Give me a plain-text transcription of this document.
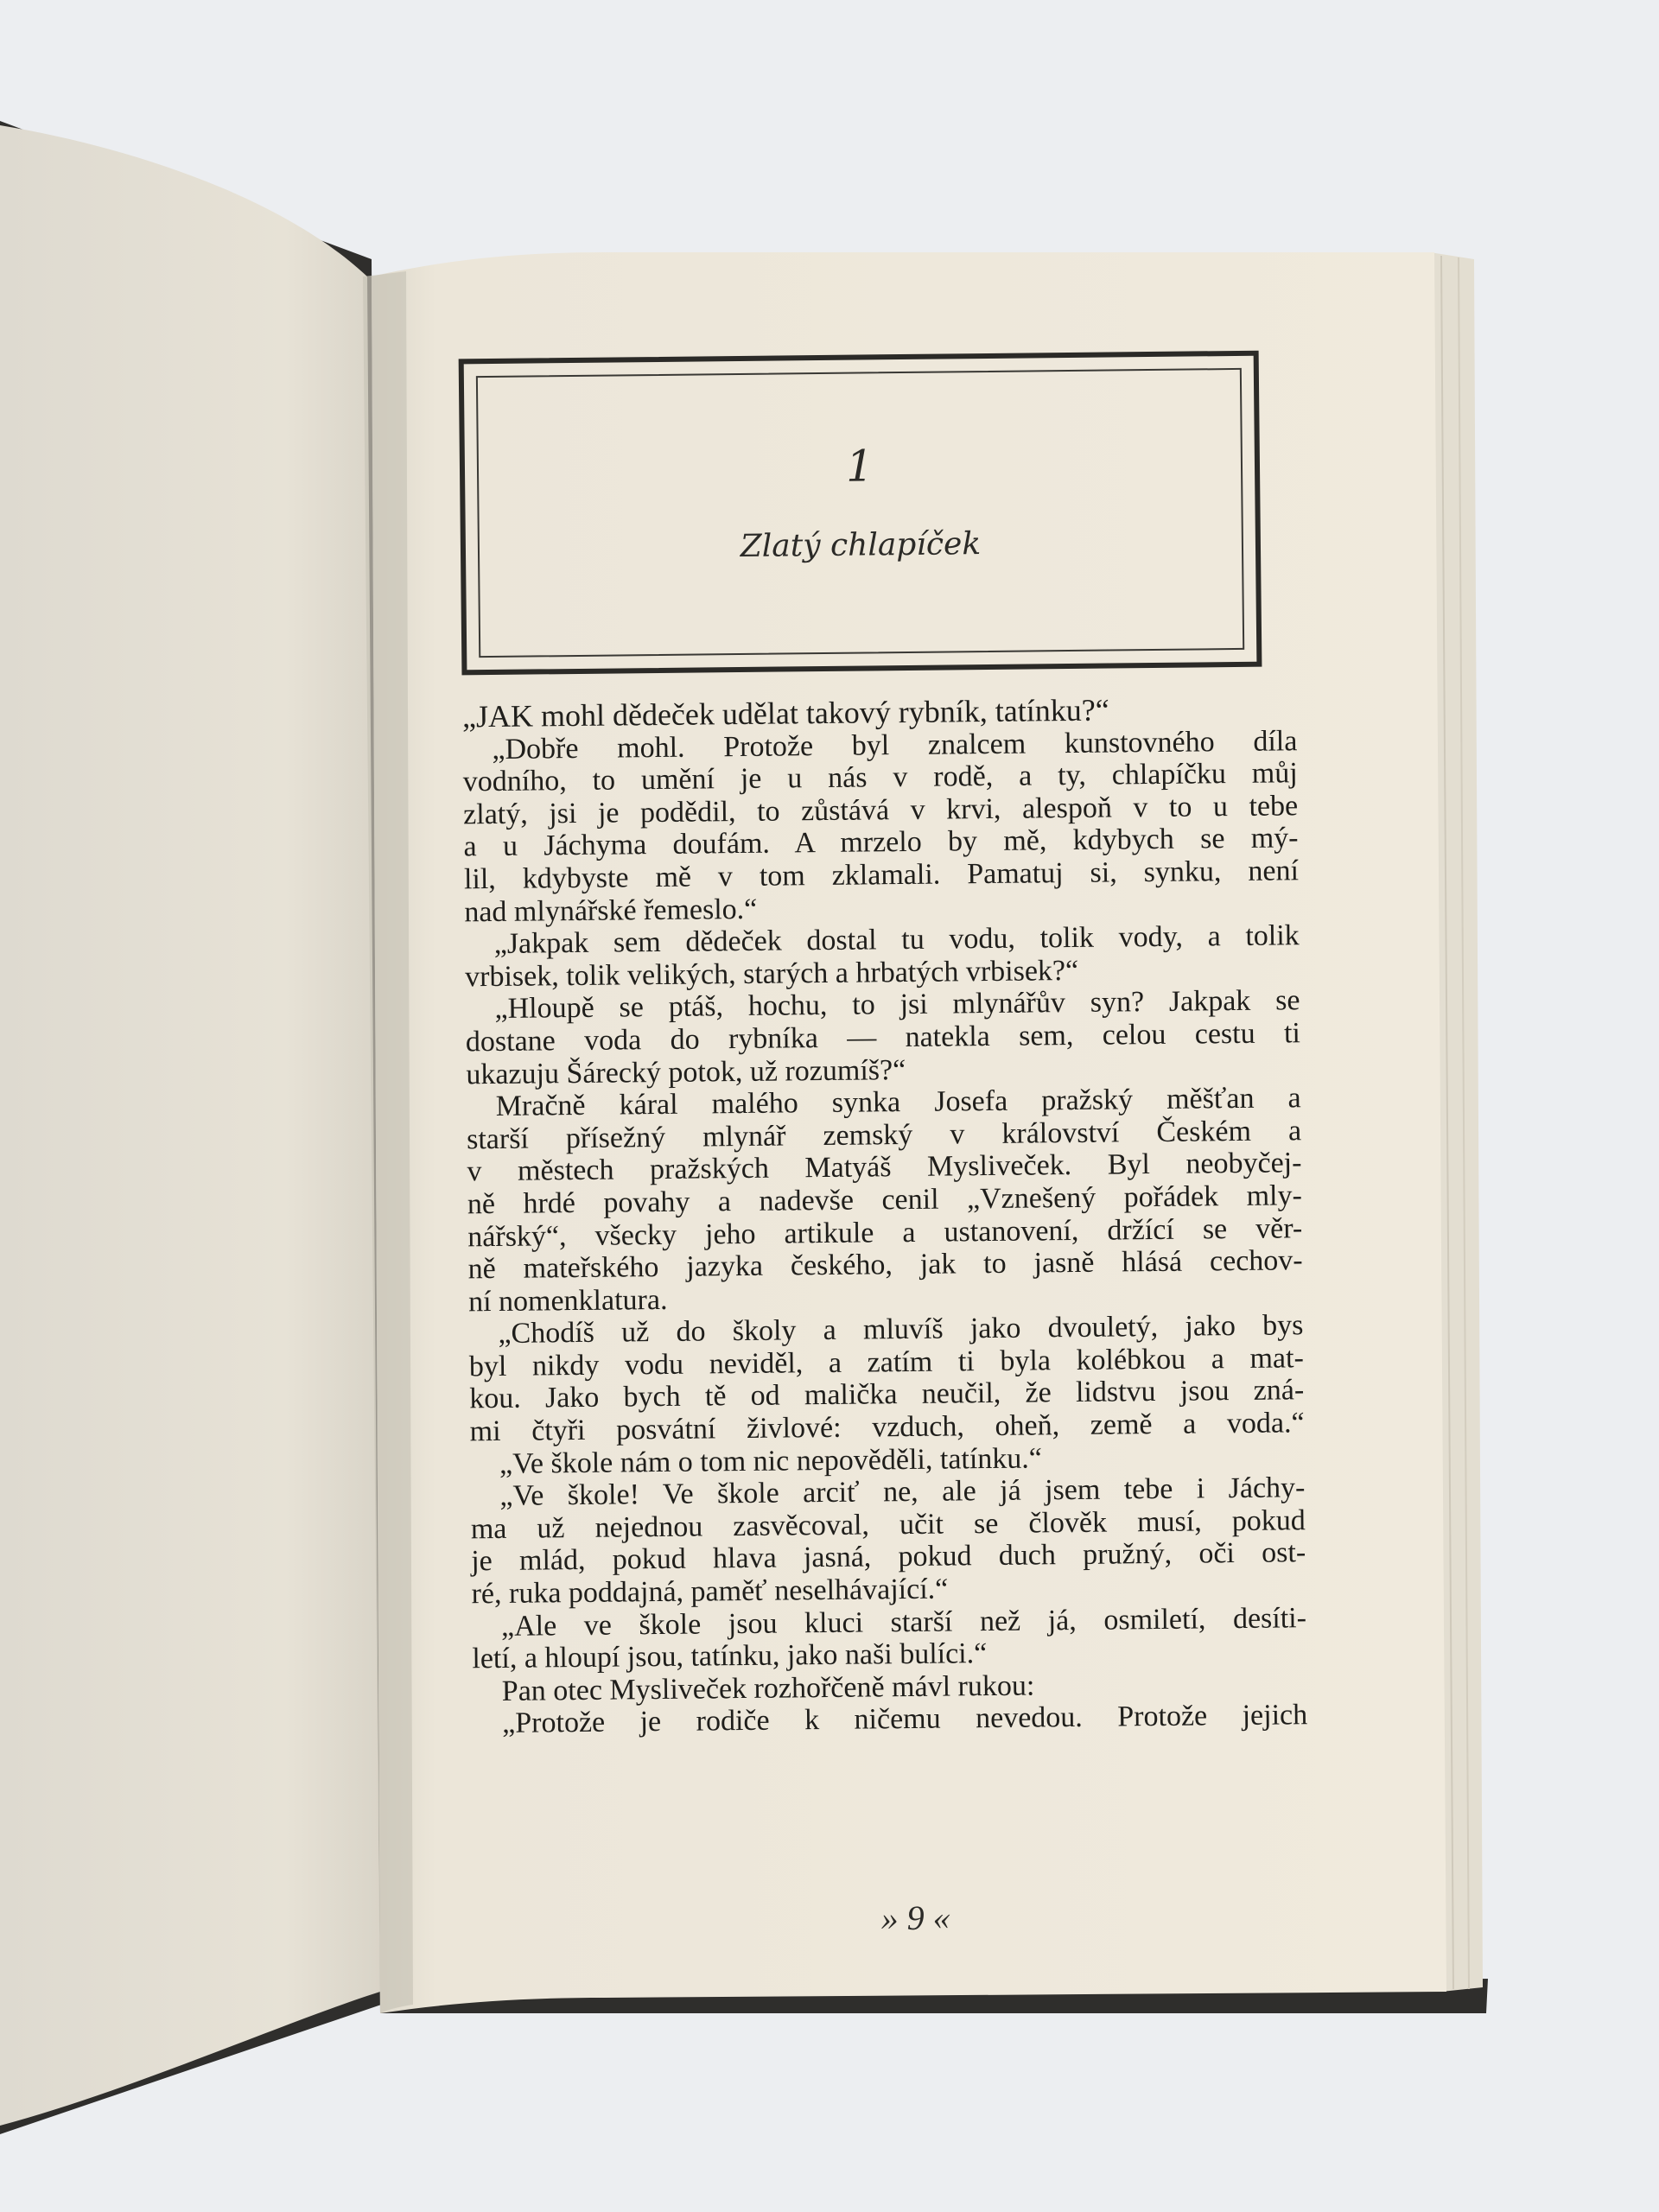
1
Zlatý chlapíček
„JAK mohl dědeček udělat takový rybník, tatínku?“
„Dobře mohl. Protože byl znalcem kunstovného díla
vodního, to umění je u nás v rodě, a ty, chlapíčku můj
zlatý, jsi je podědil, to zůstává v krvi, alespoň v to u tebe
a u Jáchyma doufám. A mrzelo by mě, kdybych se mý-
lil, kdybyste mě v tom zklamali. Pamatuj si, synku, není
nad mlynářské řemeslo.“
„Jakpak sem dědeček dostal tu vodu, tolik vody, a tolik
vrbisek, tolik velikých, starých a hrbatých vrbisek?“
„Hloupě se ptáš, hochu, to jsi mlynářův syn? Jakpak se
dostane voda do rybníka — natekla sem, celou cestu ti
ukazuju Šárecký potok, už rozumíš?“
Mračně káral malého synka Josefa pražský měšťan a
starší přísežný mlynář zemský v království Českém a
v městech pražských Matyáš Mysliveček. Byl neobyčej-
ně hrdé povahy a nadevše cenil „Vznešený pořádek mly-
nářský“, všecky jeho artikule a ustanovení, držící se věr-
ně mateřského jazyka českého, jak to jasně hlásá cechov-
ní nomenklatura.
„Chodíš už do školy a mluvíš jako dvouletý, jako bys
byl nikdy vodu neviděl, a zatím ti byla kolébkou a mat-
kou. Jako bych tě od malička neučil, že lidstvu jsou zná-
mi čtyři posvátní živlové: vzduch, oheň, země a voda.“
„Ve škole nám o tom nic nepověděli, tatínku.“
„Ve škole! Ve škole arciť ne, ale já jsem tebe i Jáchy-
ma už nejednou zasvěcoval, učit se člověk musí, pokud
je mlád, pokud hlava jasná, pokud duch pružný, oči ost-
ré, ruka poddajná, paměť neselhávající.“
„Ale ve škole jsou kluci starší než já, osmiletí, desíti-
letí, a hloupí jsou, tatínku, jako naši bulíci.“
Pan otec Mysliveček rozhořčeně mávl rukou:
„Protože je rodiče k ničemu nevedou. Protože jejich
» 9 «
